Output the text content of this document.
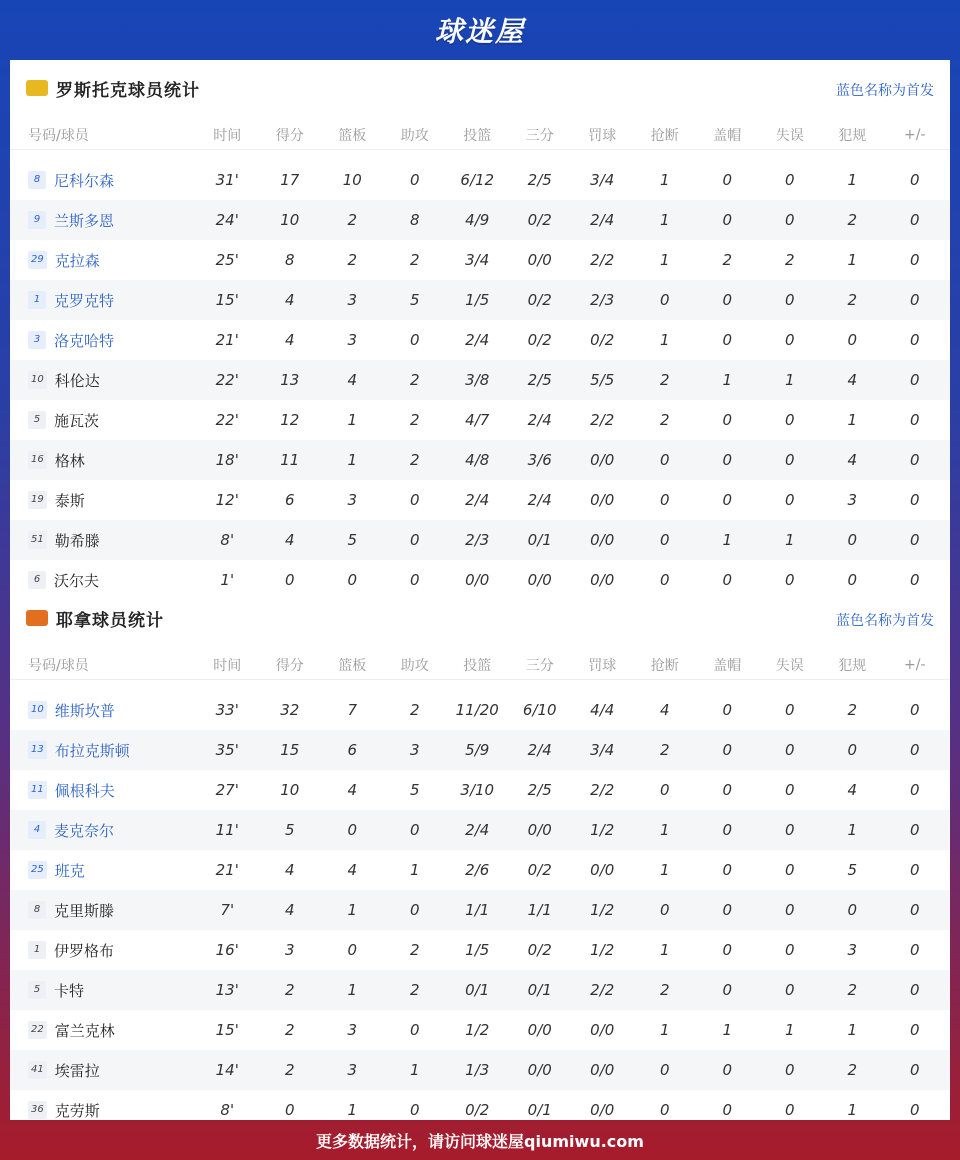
球迷屋
罗斯托克球员统计	蓝色名称为首发
号码/球员	时间	得分	篮板	助攻	投篮	三分	罚球	抢断	盖帽	失误	犯规	+/-
8 尼科尔森	31'	17	10	0	6/12	2/5	3/4	1	0	0	1	0
9 兰斯多恩	24'	10	2	8	4/9	0/2	2/4	1	0	0	2	0
29 克拉森	25'	8	2	2	3/4	0/0	2/2	1	2	2	1	0
1 克罗克特	15'	4	3	5	1/5	0/2	2/3	0	0	0	2	0
3 洛克哈特	21'	4	3	0	2/4	0/2	0/2	1	0	0	0	0
10 科伦达	22'	13	4	2	3/8	2/5	5/5	2	1	1	4	0
5 施瓦茨	22'	12	1	2	4/7	2/4	2/2	2	0	0	1	0
16 格林	18'	11	1	2	4/8	3/6	0/0	0	0	0	4	0
19 泰斯	12'	6	3	0	2/4	2/4	0/0	0	0	0	3	0
51 勒希滕	8'	4	5	0	2/3	0/1	0/0	0	1	1	0	0
6 沃尔夫	1'	0	0	0	0/0	0/0	0/0	0	0	0	0	0
耶拿球员统计	蓝色名称为首发
号码/球员	时间	得分	篮板	助攻	投篮	三分	罚球	抢断	盖帽	失误	犯规	+/-
10 维斯坎普	33'	32	7	2	11/20	6/10	4/4	4	0	0	2	0
13 布拉克斯顿	35'	15	6	3	5/9	2/4	3/4	2	0	0	0	0
11 佩根科夫	27'	10	4	5	3/10	2/5	2/2	0	0	0	4	0
4 麦克奈尔	11'	5	0	0	2/4	0/0	1/2	1	0	0	1	0
25 班克	21'	4	4	1	2/6	0/2	0/0	1	0	0	5	0
8 克里斯滕	7'	4	1	0	1/1	1/1	1/2	0	0	0	0	0
1 伊罗格布	16'	3	0	2	1/5	0/2	1/2	1	0	0	3	0
5 卡特	13'	2	1	2	0/1	0/1	2/2	2	0	0	2	0
22 富兰克林	15'	2	3	0	1/2	0/0	0/0	1	1	1	1	0
41 埃雷拉	14'	2	3	1	1/3	0/0	0/0	0	0	0	2	0
36 克劳斯	8'	0	1	0	0/2	0/1	0/0	0	0	0	1	0
更多数据统计，请访问球迷屋qiumiwu.com
